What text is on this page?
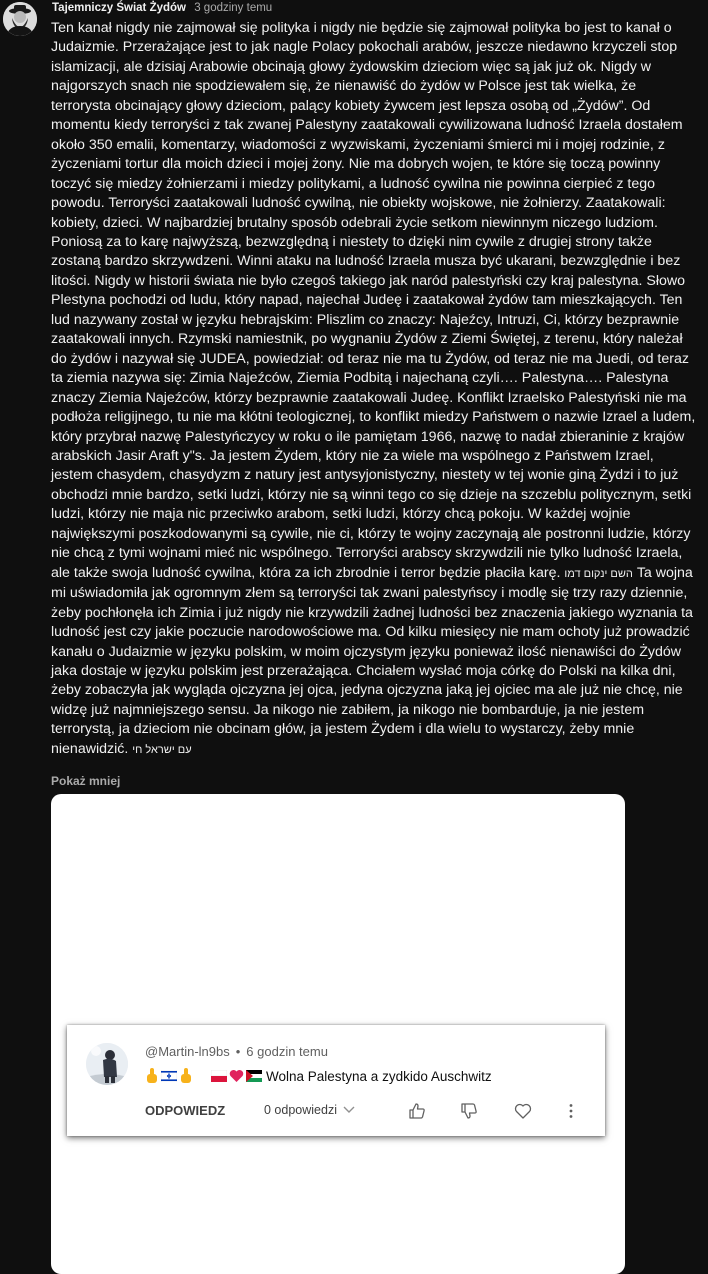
Tajemniczy Świat Żydów 3 godziny temu

Ten kanał nigdy nie zajmował się polityka i nigdy nie będzie się zajmował polityka bo jest to kanał o Judaizmie. Przerażające jest to jak nagle Polacy pokochali arabów, jeszcze niedawno krzyczeli stop islamizacji, ale dzisiaj Arabowie obcinają głowy żydowskim dzieciom więc są jak już ok. Nigdy w najgorszych snach nie spodziewałem się, że nienawiść do żydów w Polsce jest tak wielka, że terrorysta obcinający głowy dzieciom, palący kobiety żywcem jest lepsza osobą od „Żydów”. Od momentu kiedy terroryści z tak zwanej Palestyny zaatakowali cywilizowana ludność Izraela dostałem około 350 emalii, komentarzy, wiadomości z wyzwiskami, życzeniami śmierci mi i mojej rodzinie, z życzeniami tortur dla moich dzieci i mojej żony. Nie ma dobrych wojen, te które się toczą powinny toczyć się miedzy żołnierzami i miedzy politykami, a ludność cywilna nie powinna cierpieć z tego powodu. Terroryści zaatakowali ludność cywilną, nie obiekty wojskowe, nie żołnierzy. Zaatakowali: kobiety, dzieci. W najbardziej brutalny sposób odebrali życie setkom niewinnym niczego ludziom. Poniosą za to karę najwyższą, bezwzględną i niestety to dzięki nim cywile z drugiej strony także zostaną bardzo skrzywdzeni. Winni ataku na ludność Izraela musza być ukarani, bezwzględnie i bez litości. Nigdy w historii świata nie było czegoś takiego jak naród palestyński czy kraj palestyna. Słowo Plestyna pochodzi od ludu, który napad, najechał Judeę i zaatakował żydów tam mieszkających. Ten lud nazywany został w języku hebrajskim: Pliszlim co znaczy: Najeźcy, Intruzi, Ci, którzy bezprawnie zaatakowali innych. Rzymski namiestnik, po wygnaniu Żydów z Ziemi Świętej, z terenu, który należał do żydów i nazywał się JUDEA, powiedział: od teraz nie ma tu Żydów, od teraz nie ma Juedi, od teraz ta ziemia nazywa się: Zimia Najeźców, Ziemia Podbitą i najechaną czyli…. Palestyna…. Palestyna znaczy Ziemia Najeźców, którzy bezprawnie zaatakowali Judeę. Konflikt Izraelsko Palestyński nie ma podłoża religijnego, tu nie ma kłótni teologicznej, to konflikt miedzy Państwem o nazwie Izrael a ludem, który przybrał nazwę Palestyńczycy w roku o ile pamiętam 1966, nazwę to nadał zbieraninie z krajów arabskich Jasir Araft y"s. Ja jestem Żydem, który nie za wiele ma wspólnego z Państwem Izrael, jestem chasydem, chasydyzm z natury jest antysyjonistyczny, niestety w tej wonie giną Żydzi i to już obchodzi mnie bardzo, setki ludzi, którzy nie są winni tego co się dzieje na szczeblu politycznym, setki ludzi, którzy nie maja nic przeciwko arabom, setki ludzi, którzy chcą pokoju. W każdej wojnie największymi poszkodowanymi są cywile, nie ci, którzy te wojny zaczynają ale postronni ludzie, którzy nie chcą z tymi wojnami mieć nic wspólnego. Terroryści arabscy skrzywdzili nie tylko ludność Izraela, ale także swoja ludność cywilna, która za ich zbrodnie i terror będzie płaciła karę. השם ינקום דמו Ta wojna mi uświadomiła jak ogromnym złem są terroryści tak zwani palestyńscy i modlę się trzy razy dziennie, żeby pochłonęła ich Zimia i już nigdy nie krzywdzili żadnej ludności bez znaczenia jakiego wyznania ta ludność jest czy jakie poczucie narodowościowe ma. Od kilku miesięcy nie mam ochoty już prowadzić kanału o Judaizmie w języku polskim, w moim ojczystym języku ponieważ ilość nienawiści do Żydów jaka dostaje w języku polskim jest przerażająca. Chciałem wysłać moja córkę do Polski na kilka dni, żeby zobaczyła jak wygląda ojczyzna jej ojca, jedyna ojczyzna jaką jej ojciec ma ale już nie chcę, nie widzę już najmniejszego sensu. Ja nikogo nie zabiłem, ja nikogo nie bombarduje, ja nie jestem terrorystą, ja dzieciom nie obcinam głów, ja jestem Żydem i dla wielu to wystarczy, żeby mnie nienawidzić. עם ישראל חי

Pokaż mniej
@Martin-ln9bs • 6 godzin temu
Wolna Palestyna a zydkido Auschwitz
ODPOWIEDZ	0 odpowiedzi
